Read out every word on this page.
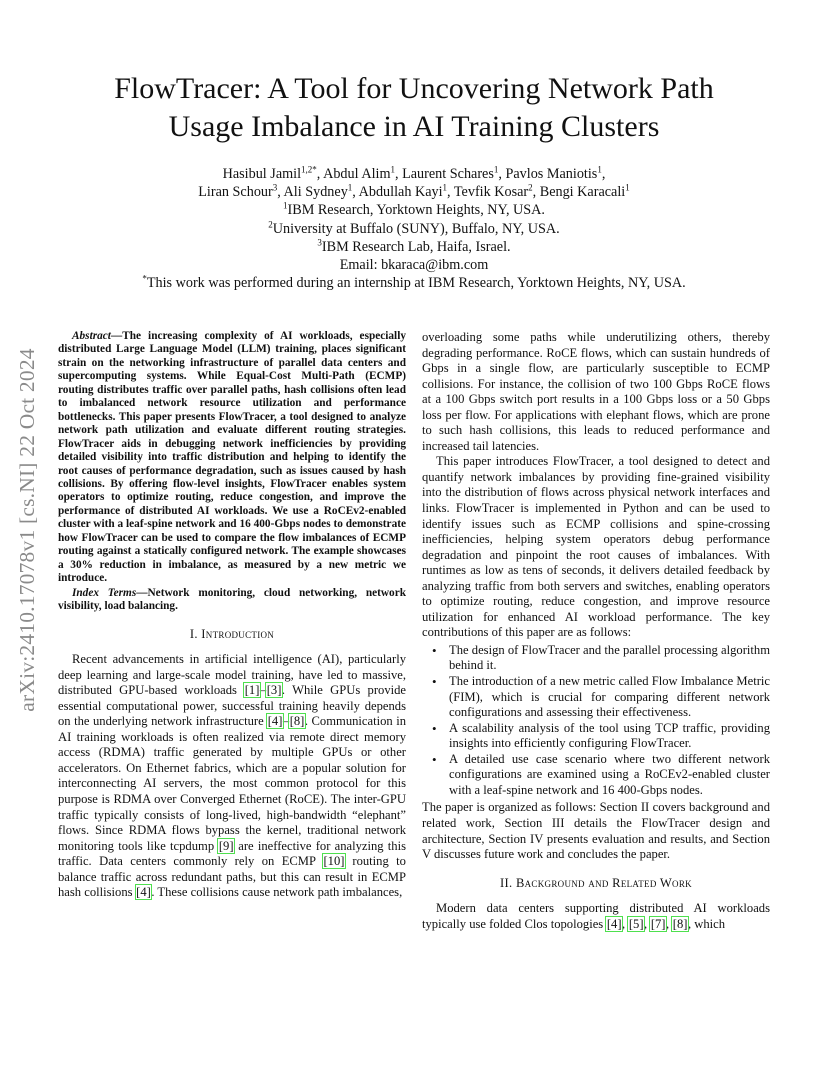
arXiv:2410.17078v1 [cs.NI] 22 Oct 2024
FlowTracer: A Tool for Uncovering Network Path
Usage Imbalance in AI Training Clusters
Hasibul Jamil$^{1,2*}$, Abdul Alim$^1$, Laurent Schares$^1$, Pavlos Maniotis$^1$,
Liran Schour$^3$, Ali Sydney$^1$, Abdullah Kayi$^1$, Tevfik Kosar$^2$, Bengi Karacali$^1$
$^1$IBM Research, Yorktown Heights, NY, USA.
$^2$University at Buffalo (SUNY), Buffalo, NY, USA.
$^3$IBM Research Lab, Haifa, Israel.
Email: bkaraca@ibm.com
*This work was performed during an internship at IBM Research, Yorktown Heights, NY, USA.

Abstract—The increasing complexity of AI workloads, especially distributed Large Language Model (LLM) training, places significant strain on the networking infrastructure of parallel data centers and supercomputing systems. While Equal-Cost Multi-Path (ECMP) routing distributes traffic over parallel paths, hash collisions often lead to imbalanced network resource utilization and performance bottlenecks. This paper presents FlowTracer, a tool designed to analyze network path utilization and evaluate different routing strategies. FlowTracer aids in debugging network inefficiencies by providing detailed visibility into traffic distribution and helping to identify the root causes of performance degradation, such as issues caused by hash collisions. By offering flow-level insights, FlowTracer enables system operators to optimize routing, reduce congestion, and improve the performance of distributed AI workloads. We use a RoCEv2-enabled cluster with a leaf-spine network and 16 400-Gbps nodes to demonstrate how FlowTracer can be used to compare the flow imbalances of ECMP routing against a statically configured network. The example showcases a 30% reduction in imbalance, as measured by a new metric we introduce.

Index Terms—Network monitoring, cloud networking, network visibility, load balancing.

I. Introduction

Recent advancements in artificial intelligence (AI), particularly deep learning and large-scale model training, have led to massive, distributed GPU-based workloads [1]–[3]. While GPUs provide essential computational power, successful training heavily depends on the underlying network infrastructure [4]–[8]. Communication in AI training workloads is often realized via remote direct memory access (RDMA) traffic generated by multiple GPUs or other accelerators. On Ethernet fabrics, which are a popular solution for interconnecting AI servers, the most common protocol for this purpose is RDMA over Converged Ethernet (RoCE). The inter-GPU traffic typically consists of long-lived, high-bandwidth “elephant” flows. Since RDMA flows bypass the kernel, traditional network monitoring tools like tcpdump [9] are ineffective for analyzing this traffic. Data centers commonly rely on ECMP [10] routing to balance traffic across redundant paths, but this can result in ECMP hash collisions [4]. These collisions cause network path imbalances,

overloading some paths while underutilizing others, thereby degrading performance. RoCE flows, which can sustain hundreds of Gbps in a single flow, are particularly susceptible to ECMP collisions. For instance, the collision of two 100 Gbps RoCE flows at a 100 Gbps switch port results in a 100 Gbps loss or a 50 Gbps loss per flow. For applications with elephant flows, which are prone to such hash collisions, this leads to reduced performance and increased tail latencies.

This paper introduces FlowTracer, a tool designed to detect and quantify network imbalances by providing fine-grained visibility into the distribution of flows across physical network interfaces and links. FlowTracer is implemented in Python and can be used to identify issues such as ECMP collisions and spine-crossing inefficiencies, helping system operators debug performance degradation and pinpoint the root causes of imbalances. With runtimes as low as tens of seconds, it delivers detailed feedback by analyzing traffic from both servers and switches, enabling operators to optimize routing, reduce congestion, and improve resource utilization for enhanced AI workload performance. The key contributions of this paper are as follows:

• The design of FlowTracer and the parallel processing algorithm behind it.
• The introduction of a new metric called Flow Imbalance Metric (FIM), which is crucial for comparing different network configurations and assessing their effectiveness.
• A scalability analysis of the tool using TCP traffic, providing insights into efficiently configuring FlowTracer.
• A detailed use case scenario where two different network configurations are examined using a RoCEv2-enabled cluster with a leaf-spine network and 16 400-Gbps nodes.

The paper is organized as follows: Section II covers background and related work, Section III details the FlowTracer design and architecture, Section IV presents evaluation and results, and Section V discusses future work and concludes the paper.

II. Background and Related Work

Modern data centers supporting distributed AI workloads typically use folded Clos topologies [4], [5], [7], [8], which
